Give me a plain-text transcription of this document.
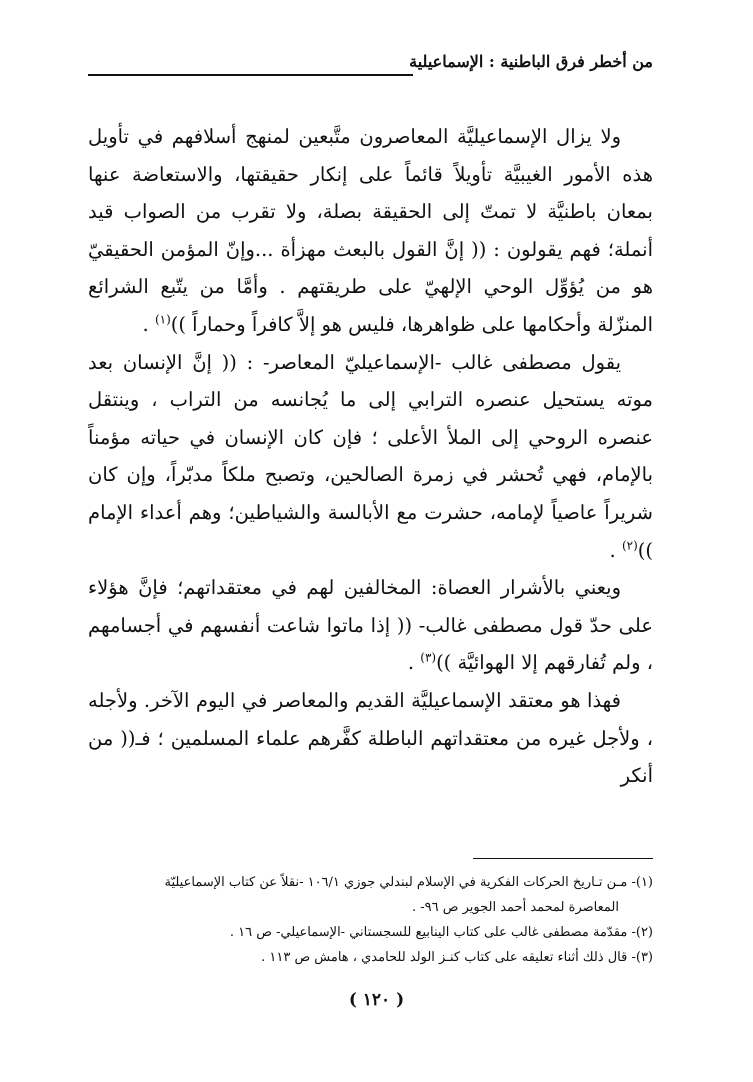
من أخطر فرق الباطنية : الإسماعيلية

ولا يزال الإسماعيليَّة المعاصرون متَّبعين لمنهج أسلافهم في تأويل هذه الأمور الغيبيَّة تأويلاً قائماً على إنكار حقيقتها، والاستعاضة عنها بمعان باطنيَّة لا تمتّ إلى الحقيقة بصلة، ولا تقرب من الصواب قيد أنملة؛ فهم يقولون : (( إنَّ القول بالبعث مهزأة ...وإنّ المؤمن الحقيقيّ هو من يُؤوِّل الوحي الإلهيّ على طريقتهم . وأمَّا من يتّبع الشرائع المنزّلة وأحكامها على ظواهرها، فليس هو إلاَّ كافراً وحماراً ))$^{(١)}$ .

يقول مصطفى غالب -الإسماعيليّ المعاصر- : (( إنَّ الإنسان بعد موته يستحيل عنصره الترابي إلى ما يُجانسه من التراب ، وينتقل عنصره الروحي إلى الملأ الأعلى ؛ فإن كان الإنسان في حياته مؤمناً بالإمام، فهي تُحشر في زمرة الصالحين، وتصبح ملكاً مدبّراً، وإن كان شريراً عاصياً لإمامه، حشرت مع الأبالسة والشياطين؛ وهم أعداء الإمام ))$^{(٢)}$ .

ويعني بالأشرار العصاة: المخالفين لهم في معتقداتهم؛ فإنَّ هؤلاء على حدّ قول مصطفى غالب- (( إذا ماتوا شاعت أنفسهم في أجسامهم ، ولم تُفارقهم إلا الهوائيَّة ))$^{(٣)}$ .

فهذا هو معتقد الإسماعيليَّة القديم والمعاصر في اليوم الآخر. ولأجله ، ولأجل غيره من معتقداتهم الباطلة كفَّرهم علماء المسلمين ؛ فـ(( من أنكر

(١)- مـن تـاريخ الحركات الفكرية في الإسلام لبندلي جوزي ١٠٦/١ -نقلاً عن كتاب الإسماعيليّة

المعاصرة لمحمد أحمد الجوير ص ٩٦- .

(٢)- مقدّمة مصطفى غالب على كتاب الينابيع للسجستاني -الإسماعيلي- ص ١٦ .

(٣)- قال ذلك أثناء تعليقه على كتاب كنـز الولد للحامدي ، هامش ص ١١٣ .

( ١٢٠ )
